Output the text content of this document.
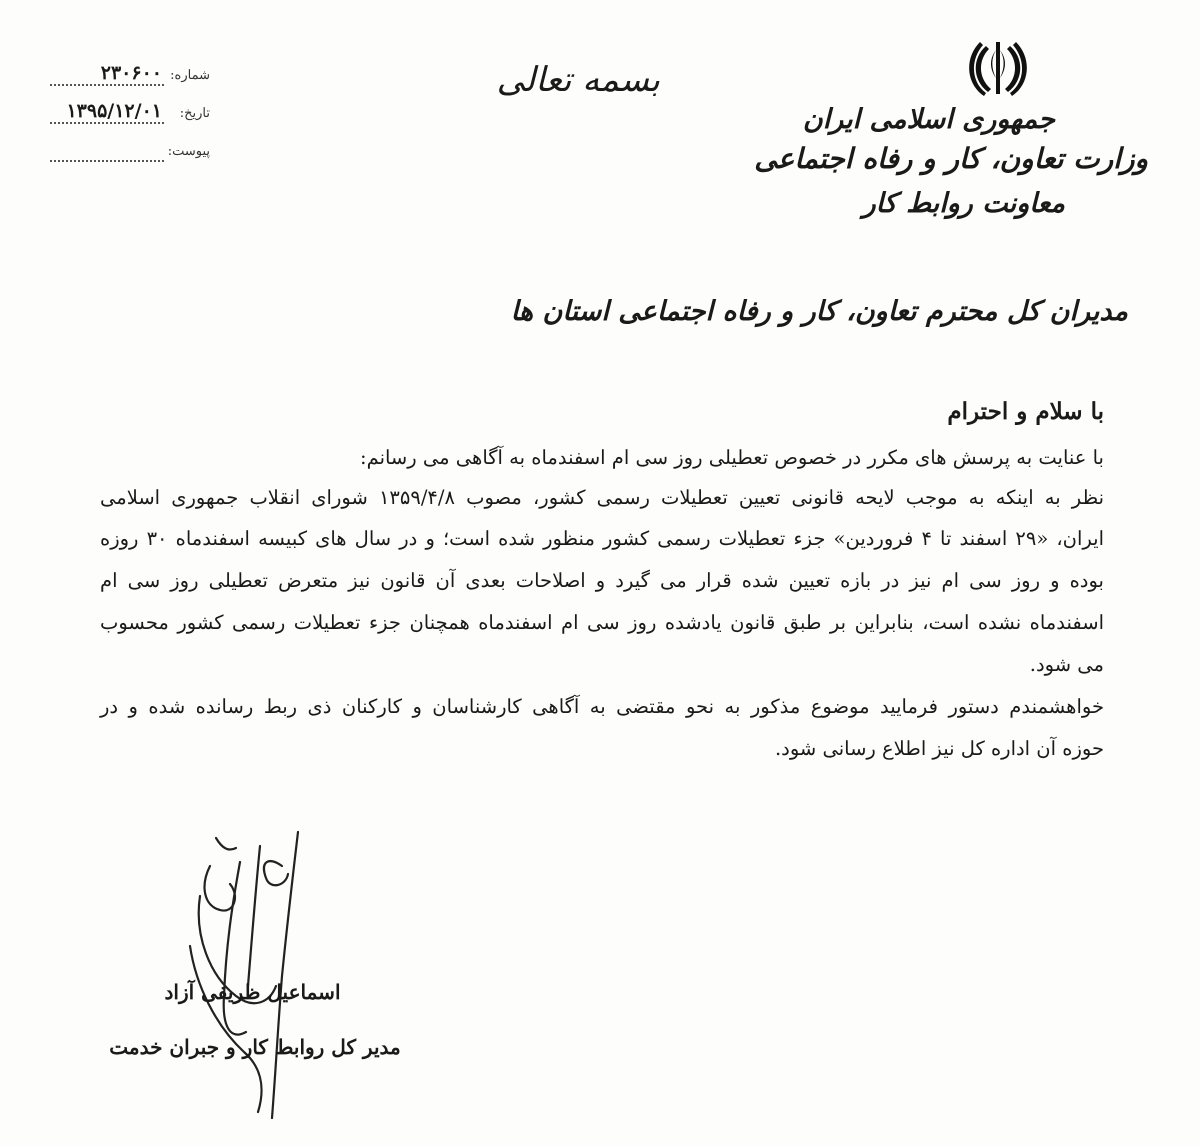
جمهوری اسلامی ایران
وزارت تعاون، کار و رفاه اجتماعی
معاونت روابط کار
بسمه تعالی
شماره:
۲۳۰۶۰۰
تاریخ:
۱۳۹۵/۱۲/۰۱
پیوست:
مدیران کل محترم تعاون، کار و رفاه اجتماعی استان ها
با سلام و احترام
با عنایت به پرسش های مکرر در خصوص تعطیلی روز سی ام اسفندماه به آگاهی می رسانم:
نظر به اینکه به موجب لایحه قانونی تعیین تعطیلات رسمی کشور، مصوب ۱۳۵۹/۴/۸ شورای انقلاب جمهوری اسلامی
ایران، «۲۹ اسفند تا ۴ فروردین» جزء تعطیلات رسمی کشور منظور شده است؛ و در سال های کبیسه اسفندماه ۳۰ روزه
بوده و روز سی ام نیز در بازه تعیین شده قرار می گیرد و اصلاحات بعدی آن قانون نیز متعرض تعطیلی روز سی ام
اسفندماه نشده است، بنابراین بر طبق قانون یادشده روز سی ام اسفندماه همچنان جزء تعطیلات رسمی کشور محسوب
می شود.
خواهشمندم دستور فرمایید موضوع مذکور به نحو مقتضی به آگاهی کارشناسان و کارکنان ذی ربط رسانده شده و در
حوزه آن اداره کل نیز اطلاع رسانی شود.
اسماعیل ظریفی آزاد
مدیر کل روابط کار و جبران خدمت
